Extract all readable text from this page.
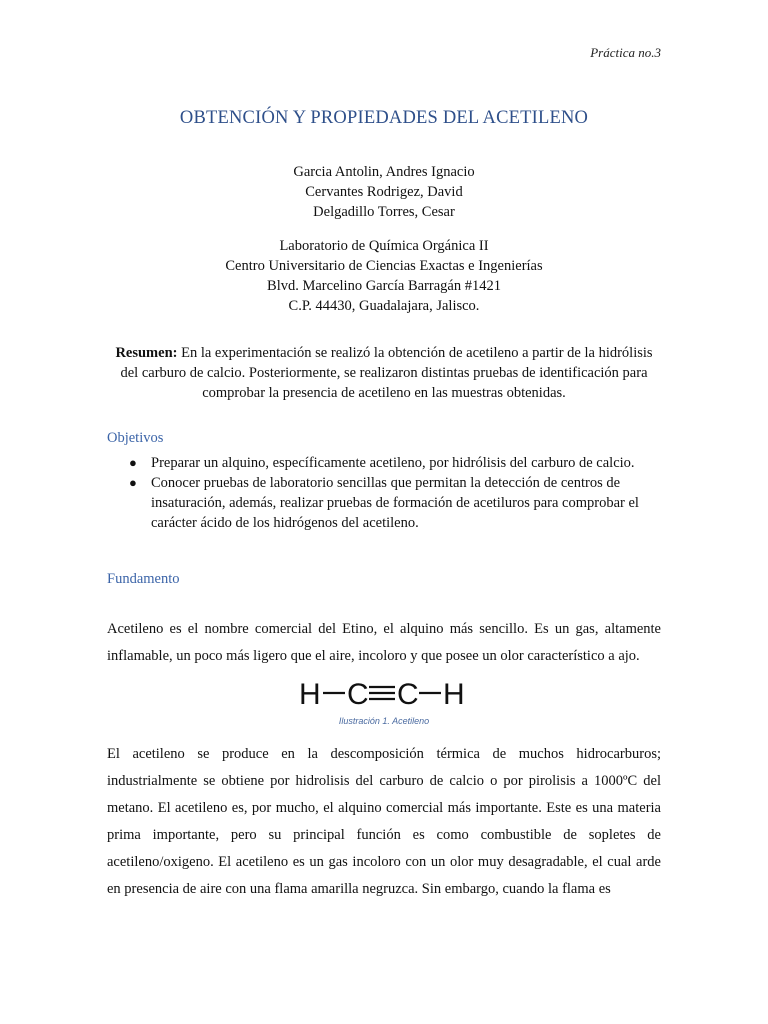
Práctica no.3
OBTENCIÓN Y PROPIEDADES DEL ACETILENO
Garcia Antolin, Andres Ignacio
Cervantes Rodrigez, David
Delgadillo Torres, Cesar
Laboratorio de Química Orgánica II
Centro Universitario de Ciencias Exactas e Ingenierías
Blvd. Marcelino García Barragán #1421
C.P. 44430, Guadalajara, Jalisco.
Resumen: En la experimentación se realizó la obtención de acetileno a partir de la hidrólisis del carburo de calcio. Posteriormente, se realizaron distintas pruebas de identificación para comprobar la presencia de acetileno en las muestras obtenidas.
Objetivos
● Preparar un alquino, específicamente acetileno, por hidrólisis del carburo de calcio.
● Conocer pruebas de laboratorio sencillas que permitan la detección de centros de insaturación, además, realizar pruebas de formación de acetiluros para comprobar el carácter ácido de los hidrógenos del acetileno.
Fundamento
Acetileno es el nombre comercial del Etino, el alquino más sencillo. Es un gas, altamente inflamable, un poco más ligero que el aire, incoloro y que posee un olor característico a ajo.
H C C H
Ilustración 1. Acetileno
El acetileno se produce en la descomposición térmica de muchos hidrocarburos; industrialmente se obtiene por hidrolisis del carburo de calcio o por pirolisis a 1000ºC del metano. El acetileno es, por mucho, el alquino comercial más importante. Este es una materia prima importante, pero su principal función es como combustible de sopletes de acetileno/oxigeno. El acetileno es un gas incoloro con un olor muy desagradable, el cual arde en presencia de aire con una flama amarilla negruzca. Sin embargo, cuando la flama es
